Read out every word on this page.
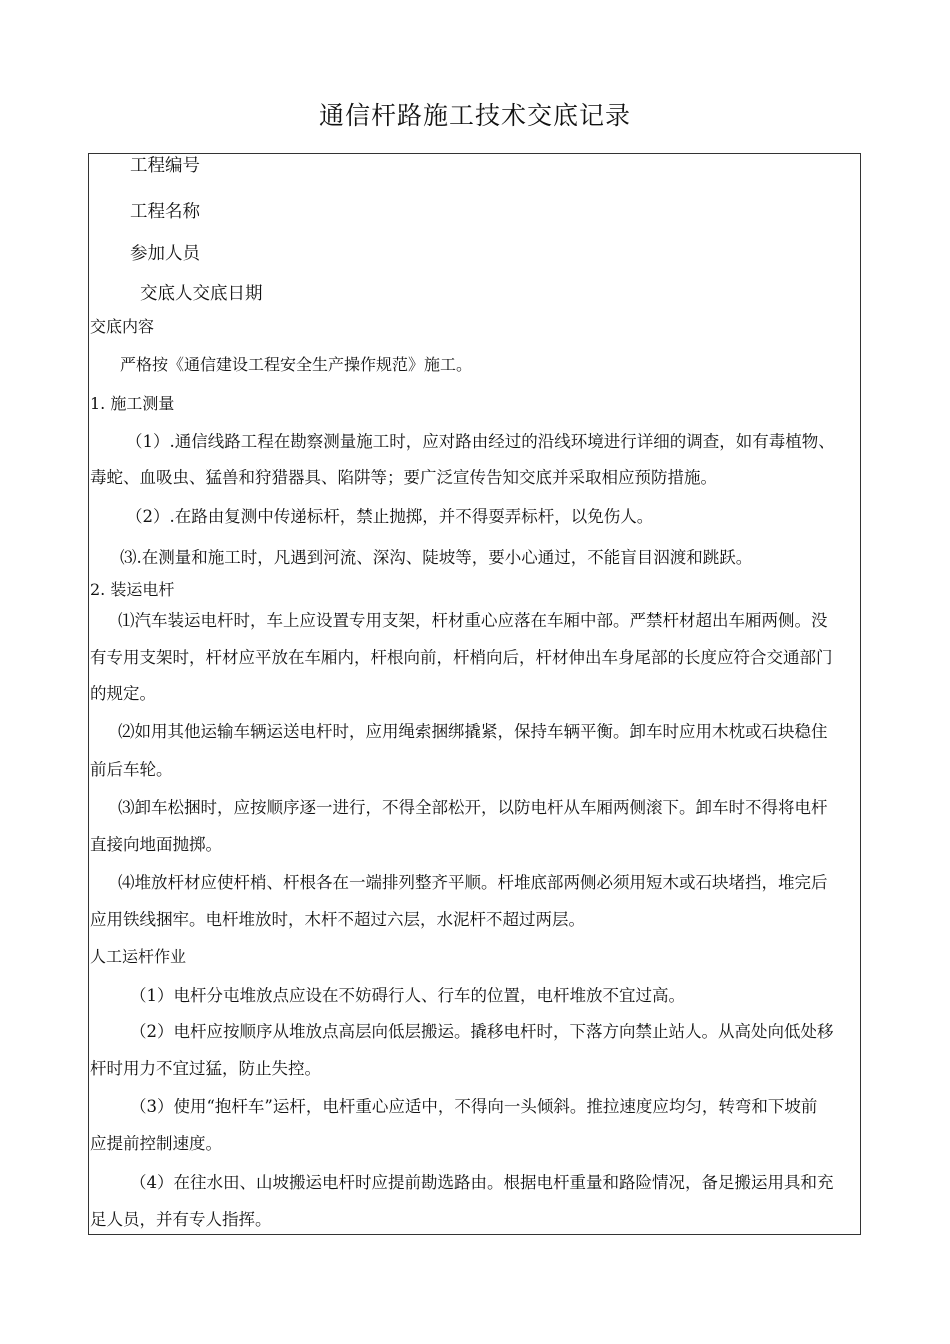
通信杆路施工技术交底记录
工程编号
工程名称
参加人员
交底人交底日期
交底内容
严格按《通信建设工程安全生产操作规范》施工。
1. 施工测量
（1）.通信线路工程在勘察测量施工时，应对路由经过的沿线环境进行详细的调查，如有毒植物、
毒蛇、血吸虫、猛兽和狩猎器具、陷阱等；要广泛宣传告知交底并采取相应预防措施。
（2）.在路由复测中传递标杆，禁止抛掷，并不得耍弄标杆，以免伤人。
⑶.在测量和施工时，凡遇到河流、深沟、陡坡等，要小心通过，不能盲目泅渡和跳跃。
2. 装运电杆
⑴汽车装运电杆时，车上应设置专用支架，杆材重心应落在车厢中部。严禁杆材超出车厢两侧。没
有专用支架时，杆材应平放在车厢内，杆根向前，杆梢向后，杆材伸出车身尾部的长度应符合交通部门
的规定。
⑵如用其他运输车辆运送电杆时，应用绳索捆绑撬紧，保持车辆平衡。卸车时应用木枕或石块稳住
前后车轮。
⑶卸车松捆时，应按顺序逐一进行，不得全部松开，以防电杆从车厢两侧滚下。卸车时不得将电杆
直接向地面抛掷。
⑷堆放杆材应使杆梢、杆根各在一端排列整齐平顺。杆堆底部两侧必须用短木或石块堵挡，堆完后
应用铁线捆牢。电杆堆放时，木杆不超过六层，水泥杆不超过两层。
人工运杆作业
（1）电杆分屯堆放点应设在不妨碍行人、行车的位置，电杆堆放不宜过高。
（2）电杆应按顺序从堆放点高层向低层搬运。撬移电杆时，下落方向禁止站人。从高处向低处移
杆时用力不宜过猛，防止失控。
（3）使用“抱杆车”运杆，电杆重心应适中，不得向一头倾斜。推拉速度应均匀，转弯和下坡前
应提前控制速度。
（4）在往水田、山坡搬运电杆时应提前勘选路由。根据电杆重量和路险情况，备足搬运用具和充
足人员，并有专人指挥。
